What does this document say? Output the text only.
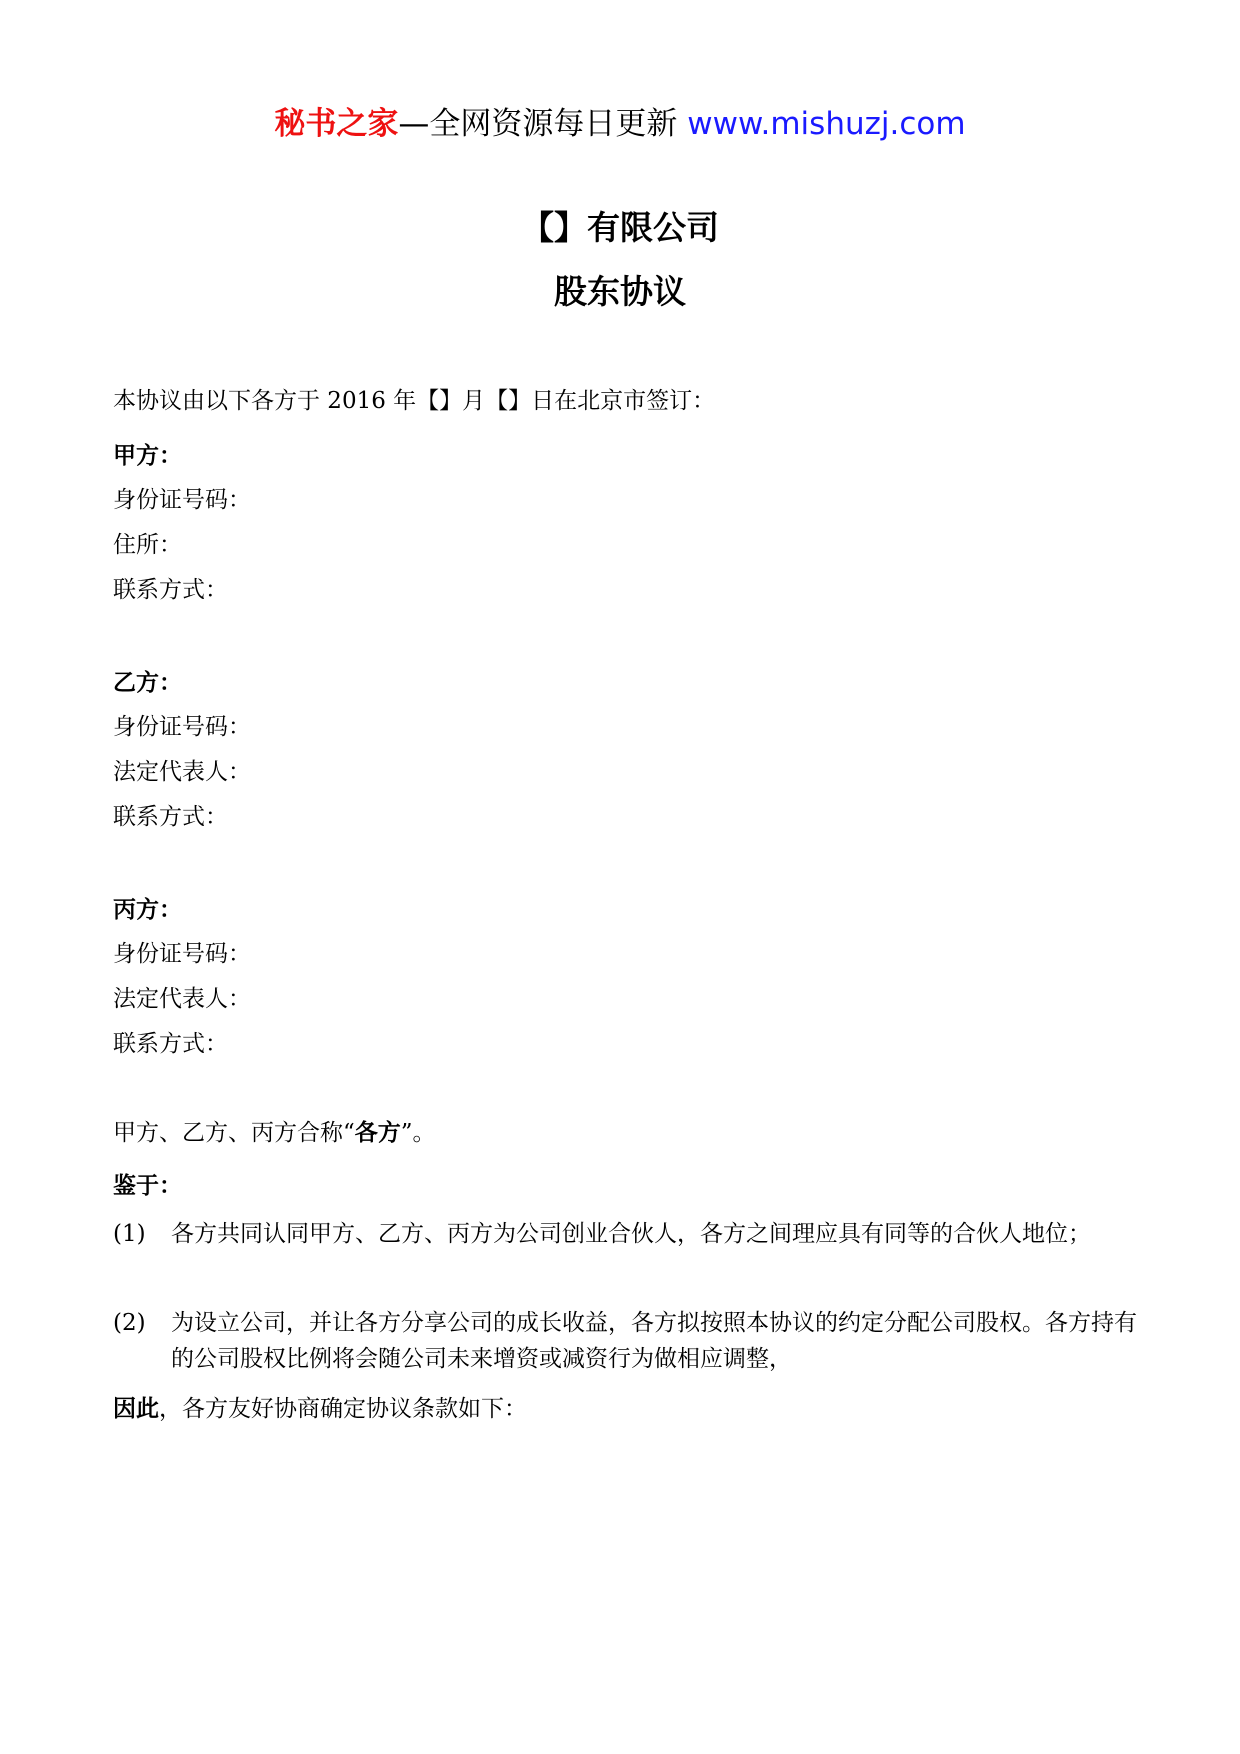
秘书之家—全网资源每日更新 www.mishuzj.com
【】有限公司
股东协议
本协议由以下各方于 2016 年【】月【】日在北京市签订：
甲方：
身份证号码：
住所：
联系方式：
乙方：
身份证号码：
法定代表人：
联系方式：
丙方：
身份证号码：
法定代表人：
联系方式：
甲方、乙方、丙方合称“各方”。
鉴于：
(1) 各方共同认同甲方、乙方、丙方为公司创业合伙人，各方之间理应具有同等的合伙人地位；
(2) 为设立公司，并让各方分享公司的成长收益，各方拟按照本协议的约定分配公司股权。各方持有的公司股权比例将会随公司未来增资或减资行为做相应调整，
因此，各方友好协商确定协议条款如下：
